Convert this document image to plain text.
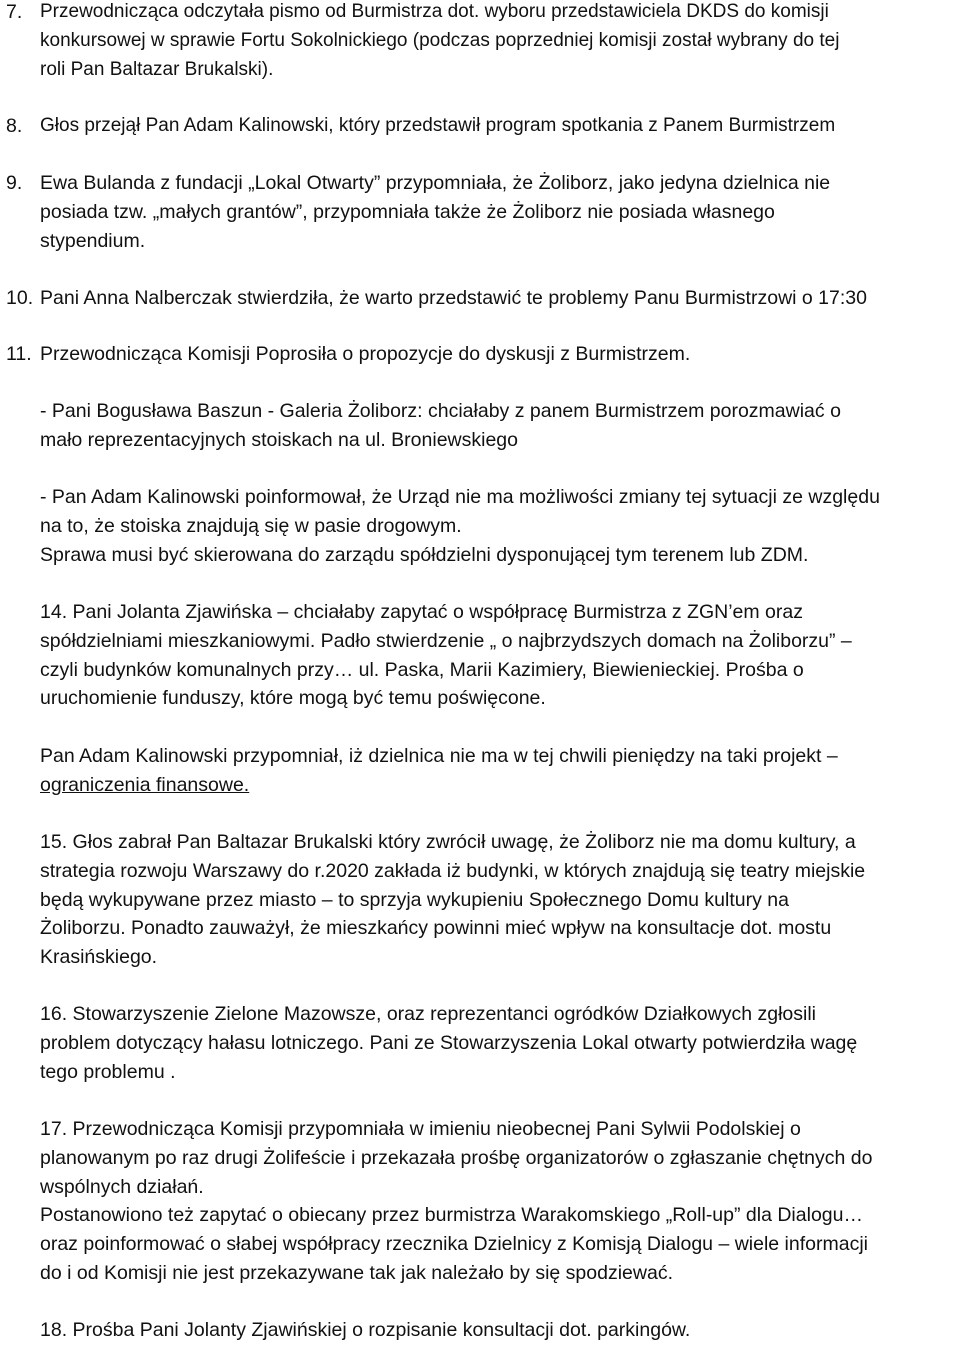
7. Przewodnicząca odczytała pismo od Burmistrza dot. wyboru przedstawiciela DKDS do komisji
konkursowej w sprawie Fortu Sokolnickiego (podczas poprzedniej komisji został wybrany do tej
roli Pan Baltazar Brukalski).
8. Głos przejął Pan Adam Kalinowski, który przedstawił program spotkania z Panem Burmistrzem
9. Ewa Bulanda z fundacji „Lokal Otwarty” przypomniała, że Żoliborz, jako jedyna dzielnica nie
posiada tzw. „małych grantów”, przypomniała także że Żoliborz nie posiada własnego
stypendium.
10. Pani Anna Nalberczak stwierdziła, że warto przedstawić te problemy Panu Burmistrzowi o 17:30
11. Przewodnicząca Komisji Poprosiła o propozycje do dyskusji z Burmistrzem.
- Pani Bogusława Baszun - Galeria Żoliborz: chciałaby z panem Burmistrzem porozmawiać o
mało reprezentacyjnych stoiskach na ul. Broniewskiego
- Pan Adam Kalinowski poinformował, że Urząd nie ma możliwości zmiany tej sytuacji ze względu
na to, że stoiska znajdują się w pasie drogowym.
Sprawa musi być skierowana do zarządu spółdzielni dysponującej tym terenem lub ZDM.
14. Pani Jolanta Zjawińska – chciałaby zapytać o współpracę Burmistrza z ZGN’em oraz
spółdzielniami mieszkaniowymi. Padło stwierdzenie „ o najbrzydszych domach na Żoliborzu” –
czyli budynków komunalnych przy… ul. Paska, Marii Kazimiery, Biewienieckiej. Prośba o
uruchomienie funduszy, które mogą być temu poświęcone.
Pan Adam Kalinowski przypomniał, iż dzielnica nie ma w tej chwili pieniędzy na taki projekt –
ograniczenia finansowe.
15. Głos zabrał Pan Baltazar Brukalski który zwrócił uwagę, że Żoliborz nie ma domu kultury, a
strategia rozwoju Warszawy do r.2020 zakłada iż budynki, w których znajdują się teatry miejskie
będą wykupywane przez miasto – to sprzyja wykupieniu Społecznego Domu kultury na
Żoliborzu. Ponadto zauważył, że mieszkańcy powinni mieć wpływ na konsultacje dot. mostu
Krasińskiego.
16. Stowarzyszenie Zielone Mazowsze, oraz reprezentanci ogródków Działkowych zgłosili
problem dotyczący hałasu lotniczego. Pani ze Stowarzyszenia Lokal otwarty potwierdziła wagę
tego problemu .
17. Przewodnicząca Komisji przypomniała w imieniu nieobecnej Pani Sylwii Podolskiej o
planowanym po raz drugi Żolifeście i przekazała prośbę organizatorów o zgłaszanie chętnych do
wspólnych działań.
Postanowiono też zapytać o obiecany przez burmistrza Warakomskiego „Roll-up” dla Dialogu…
oraz poinformować o słabej współpracy rzecznika Dzielnicy z Komisją Dialogu – wiele informacji
do i od Komisji nie jest przekazywane tak jak należało by się spodziewać.
18. Prośba Pani Jolanty Zjawińskiej o rozpisanie konsultacji dot. parkingów.
